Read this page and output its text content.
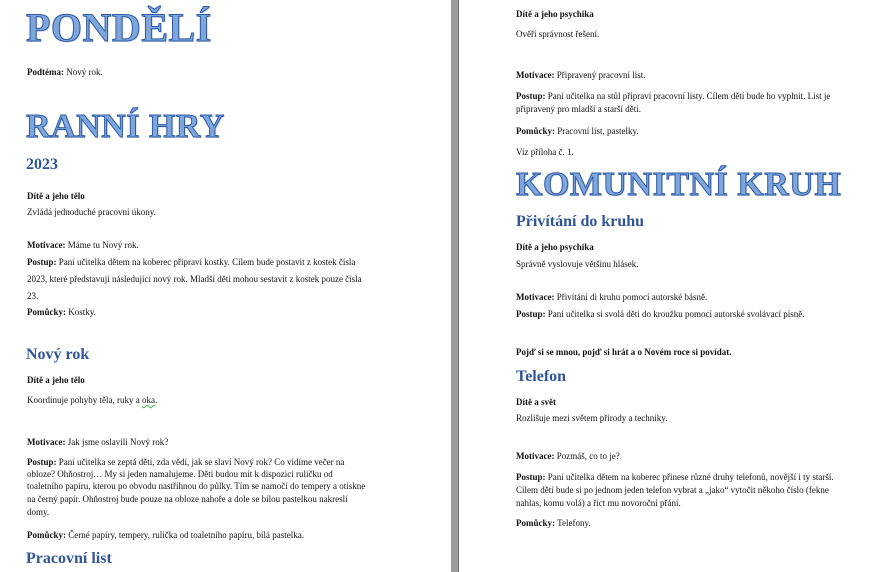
PONDĚLÍ
Podtéma: Nový rok.
RANNÍ HRY
2023
Dítě a jeho tělo
Zvládá jednoduché pracovní úkony.
Motivace: Máme tu Nový rok.
Postup: Paní učitelka dětem na koberec připraví kostky. Cílem bude postavit z kostek čísla
2023, které představují následující nový rok. Mladší děti mohou sestavit z kostek pouze čísla
23.
Pomůcky: Kostky.
Nový rok
Dítě a jeho tělo
Koordinuje pohyby těla, ruky a oka.
Motivace: Jak jsme oslavili Nový rok?
Postup: Paní učitelka se zeptá dětí, zda vědí, jak se slaví Nový rok? Co vidíme večer na
obloze? Ohňostroj… My si jeden namalujeme. Děti budou mít k dispozici ruličku od
toaletního papíru, kterou po obvodu nastříhnou do půlky. Tím se namočí do tempery a otiskne
na černý papír. Ohňostroj bude pouze na obloze nahoře a dole se bílou pastelkou nakreslí
domy.
Pomůcky: Černé papíry, tempery, rulička od toaletního papíru, bílá pastelka.
Pracovní list
Dítě a jeho psychika
Ověří správnost řešení.
Motivace: Připravený pracovní list.
Postup: Paní učitelka na stůl připraví pracovní listy. Cílem dětí bude ho vyplnit. List je
připravený pro mladší a starší děti.
Pomůcky: Pracovní list, pastelky.
Viz příloha č. 1.
KOMUNITNÍ KRUH
Přivítání do kruhu
Dítě a jeho psychika
Správně vyslovuje většinu hlásek.
Motivace: Přivítání di kruhu pomocí autorské básně.
Postup: Paní učitelka si svolá děti do kroužku pomocí autorské svolávací písně.
Pojď si se mnou, pojď si hrát a o Novém roce si povídat.
Telefon
Dítě a svět
Rozlišuje mezi světem přírody a techniky.
Motivace: Pozmáš, co to je?
Postup: Paní učitelka dětem na koberec přinese různé druhy telefonů, novější i ty starší.
Cílem dětí bude si po jednom jeden telefon vybrat a „jako“ vytočit někoho číslo (fekne
nahlas, komu volá) a říct mu novoroční přání.
Pomůcky: Telefony.
